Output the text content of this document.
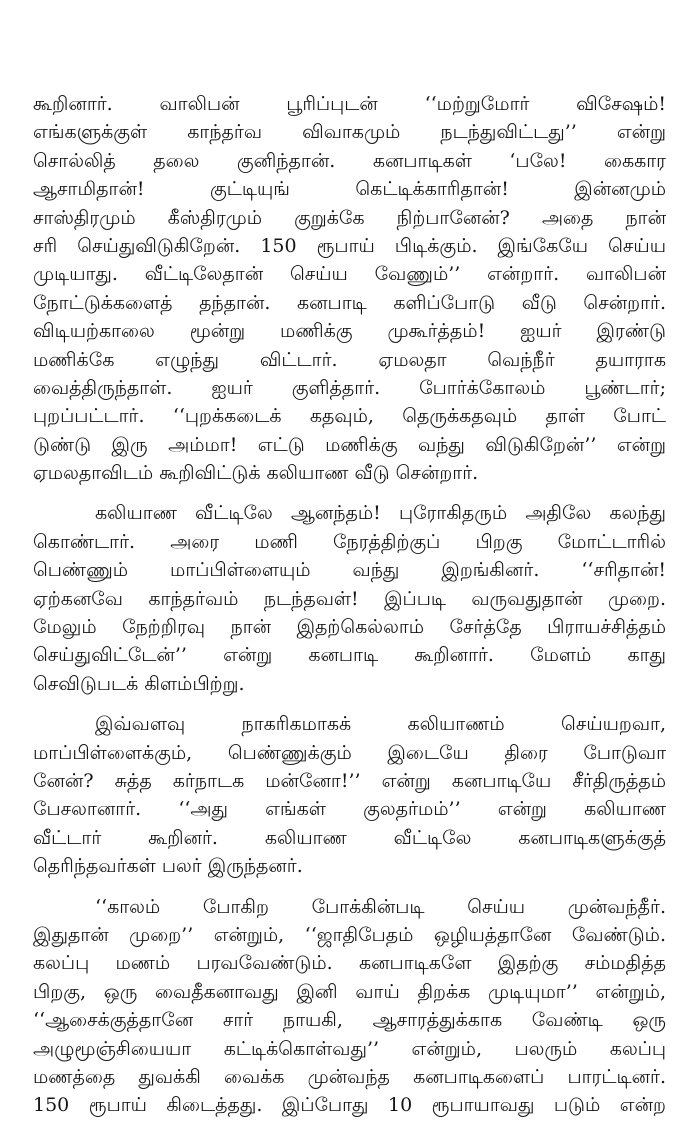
கூறினார். வாலிபன் பூரிப்புடன் ‘‘மற்றுமோர் விசேஷம்!
எங்களுக்குள் காந்தர்வ விவாகமும் நடந்துவிட்டது’’ என்று
சொல்லித் தலை குனிந்தான். கனபாடிகள் ‘பலே! கைகார
ஆசாமிதான்! குட்டியுங் கெட்டிக்காரிதான்! இன்னமும்
சாஸ்திரமும் கீஸ்திரமும் குறுக்கே நிற்பானேன்? அதை நான்
சரி செய்துவிடுகிறேன். 150 ரூபாய் பிடிக்கும். இங்கேயே செய்ய
முடியாது. வீட்டிலேதான் செய்ய வேணும்’’ என்றார். வாலிபன்
நோட்டுக்களைத் தந்தான். கனபாடி களிப்போடு வீடு சென்றார்.
விடியற்காலை மூன்று மணிக்கு முகூர்த்தம்! ஐயர் இரண்டு
மணிக்கே எழுந்து விட்டார். ஏமலதா வெந்நீர் தயாராக
வைத்திருந்தாள். ஐயர் குளித்தார். போர்க்கோலம் பூண்டார்;
புறப்பட்டார். ‘‘புறக்கடைக் கதவும், தெருக்கதவும் தாள் போட்
டுண்டு இரு அம்மா! எட்டு மணிக்கு வந்து விடுகிறேன்’’ என்று
ஏமலதாவிடம் கூறிவிட்டுக் கலியாண வீடு சென்றார்.
கலியாண வீட்டிலே ஆனந்தம்! புரோகிதரும் அதிலே கலந்து
கொண்டார். அரை மணி நேரத்திற்குப் பிறகு மோட்டாரில்
பெண்ணும் மாப்பிள்ளையும் வந்து இறங்கினர். ‘‘சரிதான்!
ஏற்கனவே காந்தர்வம் நடந்தவள்! இப்படி வருவதுதான் முறை.
மேலும் நேற்றிரவு நான் இதற்கெல்லாம் சேர்த்தே பிராயச்சித்தம்
செய்துவிட்டேன்’’ என்று கனபாடி கூறினார். மேளம் காது
செவிடுபடக் கிளம்பிற்று.
இவ்வளவு நாகரிகமாகக் கலியாணம் செய்யறவா,
மாப்பிள்ளைக்கும், பெண்ணுக்கும் இடையே திரை போடுவா
னேன்? சுத்த கர்நாடக மன்னோ!’’ என்று கனபாடியே சீர்திருத்தம்
பேசலானார். ‘‘அது எங்கள் குலதர்மம்’’ என்று கலியாண
வீட்டார் கூறினர். கலியாண வீட்டிலே கனபாடிகளுக்குத்
தெரிந்தவர்கள் பலர் இருந்தனர்.
‘‘காலம் போகிற போக்கின்படி செய்ய முன்வந்தீர்.
இதுதான் முறை’’ என்றும், ‘‘ஜாதிபேதம் ஒழியத்தானே வேண்டும்.
கலப்பு மணம் பரவவேண்டும். கனபாடிகளே இதற்கு சம்மதித்த
பிறகு, ஒரு வைதீகனாவது இனி வாய் திறக்க முடியுமா’’ என்றும்,
‘‘ஆசைக்குத்தானே சார் நாயகி, ஆசாரத்துக்காக வேண்டி ஒரு
அழுமூஞ்சியையா கட்டிக்கொள்வது’’ என்றும், பலரும் கலப்பு
மணத்தை துவக்கி வைக்க முன்வந்த கனபாடிகளைப் பாரட்டினர்.
150 ரூபாய் கிடைத்தது. இப்போது 10 ரூபாயாவது படும் என்ற
